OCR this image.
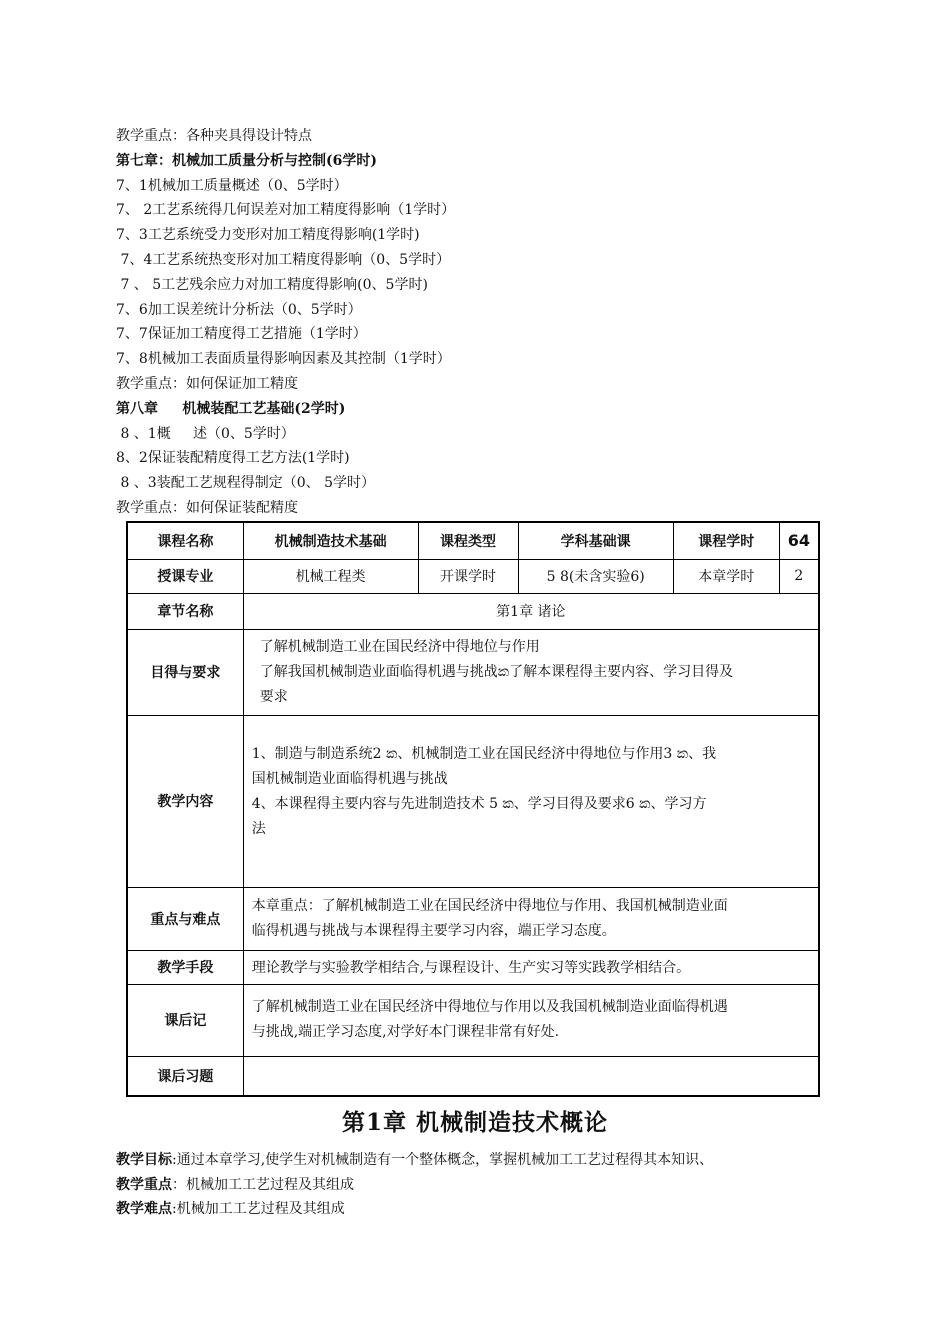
教学重点：各种夹具得设计特点
第七章：机械加工质量分析与控制(6学时)
7、1机械加工质量概述（0、5学时）
7、 2工艺系统得几何误差对加工精度得影响（1学时）
7、3工艺系统受力变形对加工精度得影响(1学时)
7、4工艺系统热变形对加工精度得影响（0、5学时）
7 、 5工艺残余应力对加工精度得影响(0、5学时)
7、6加工误差统计分析法（0、5学时）
7、7保证加工精度得工艺措施（1学时）
7、8机械加工表面质量得影响因素及其控制（1学时）
教学重点：如何保证加工精度
第八章     机械装配工艺基础(2学时)
8 、1概     述（0、5学时）
8、2保证装配精度得工艺方法(1学时)
8 、3装配工艺规程得制定（0、 5学时）
教学重点：如何保证装配精度
课程名称	机械制造技术基础	课程类型	学科基础课	课程学时	64
授课专业	机械工程类	开课学时	5 8(未含实验6)	本章学时	2
章节名称	第1章 诸论				
目得与要求	了解机械制造工业在国民经济中得地位与作用
了解我国机械制造业面临得机遇与挑战ක了解本课程得主要内容、学习目得及
要求				

教学内容	1、制造与制造系统2 ක、机械制造工业在国民经济中得地位与作用3 ක、我
国机械制造业面临得机遇与挑战
4、本课程得主要内容与先进制造技术 5 ක、学习目得及要求6 ක、学习方
法				

重点与难点	本章重点：了解机械制造工业在国民经济中得地位与作用、我国机械制造业面
临得机遇与挑战与本课程得主要学习内容，端正学习态度。				

教学手段	理论教学与实验教学相结合,与课程设计、生产实习等实践教学相结合。				
课后记	了解机械制造工业在国民经济中得地位与作用以及我国机械制造业面临得机遇
与挑战,端正学习态度,对学好本门课程非常有好处.				

课后习题					
第1章 机械制造技术概论
教学目标:通过本章学习,使学生对机械制造有一个整体概念，掌握机械加工工艺过程得其本知识、
教学重点：机械加工工艺过程及其组成
教学难点:机械加工工艺过程及其组成
